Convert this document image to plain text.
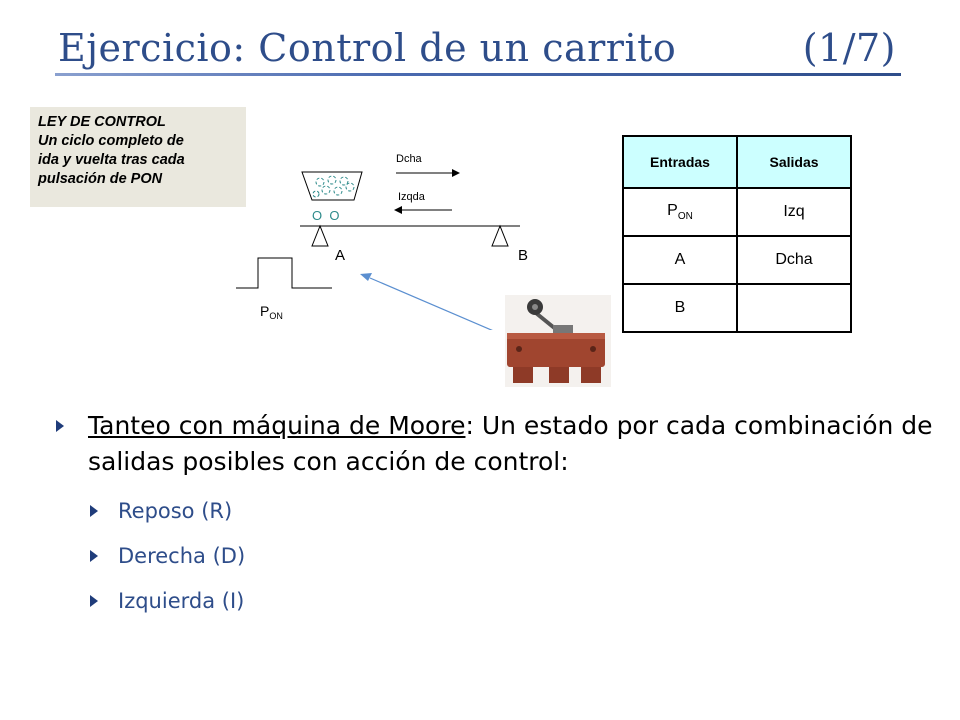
Ejercicio: Control de un carrito	(1/7)
LEY DE CONTROL
Un ciclo completo de
ida y vuelta tras cada
pulsación de PON
O  O
A	B
Dcha
Izqda
$P_{ON}$
Entradas	Salidas
$P_{ON}$	Izq
A	Dcha
B	
Tanteo con máquina de Moore: Un estado por cada combinación de salidas posibles con acción de control:
Reposo (R)
Derecha (D)
Izquierda (I)
